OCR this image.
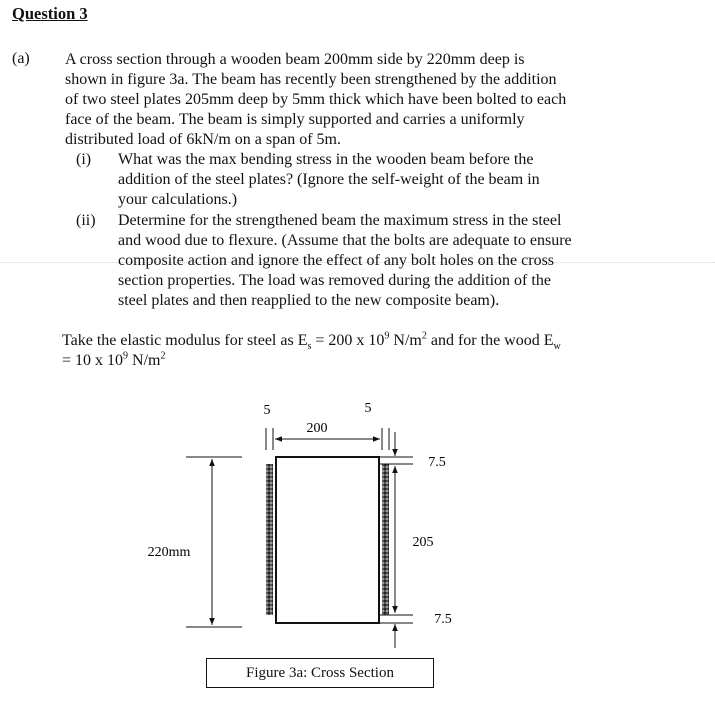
Question 3
(a) A cross section through a wooden beam 200mm side by 220mm deep is
shown in figure 3a. The beam has recently been strengthened by the addition
of two steel plates 205mm deep by 5mm thick which have been bolted to each
face of the beam. The beam is simply supported and carries a uniformly
distributed load of 6kN/m on a span of 5m.
(i) What was the max bending stress in the wooden beam before the
addition of the steel plates? (Ignore the self-weight of the beam in
your calculations.)
(ii) Determine for the strengthened beam the maximum stress in the steel
and wood due to flexure. (Assume that the bolts are adequate to ensure
composite action and ignore the effect of any bolt holes on the cross
section properties. The load was removed during the addition of the
steel plates and then reapplied to the new composite beam).
Take the elastic modulus for steel as $E_s = 200$ x $10^9$ $N/m^2$ and for the wood $E_w$
= 10 x $10^9$ $N/m^2$
5	5
200
7.5
205
7.5
220mm
Figure 3a: Cross Section
